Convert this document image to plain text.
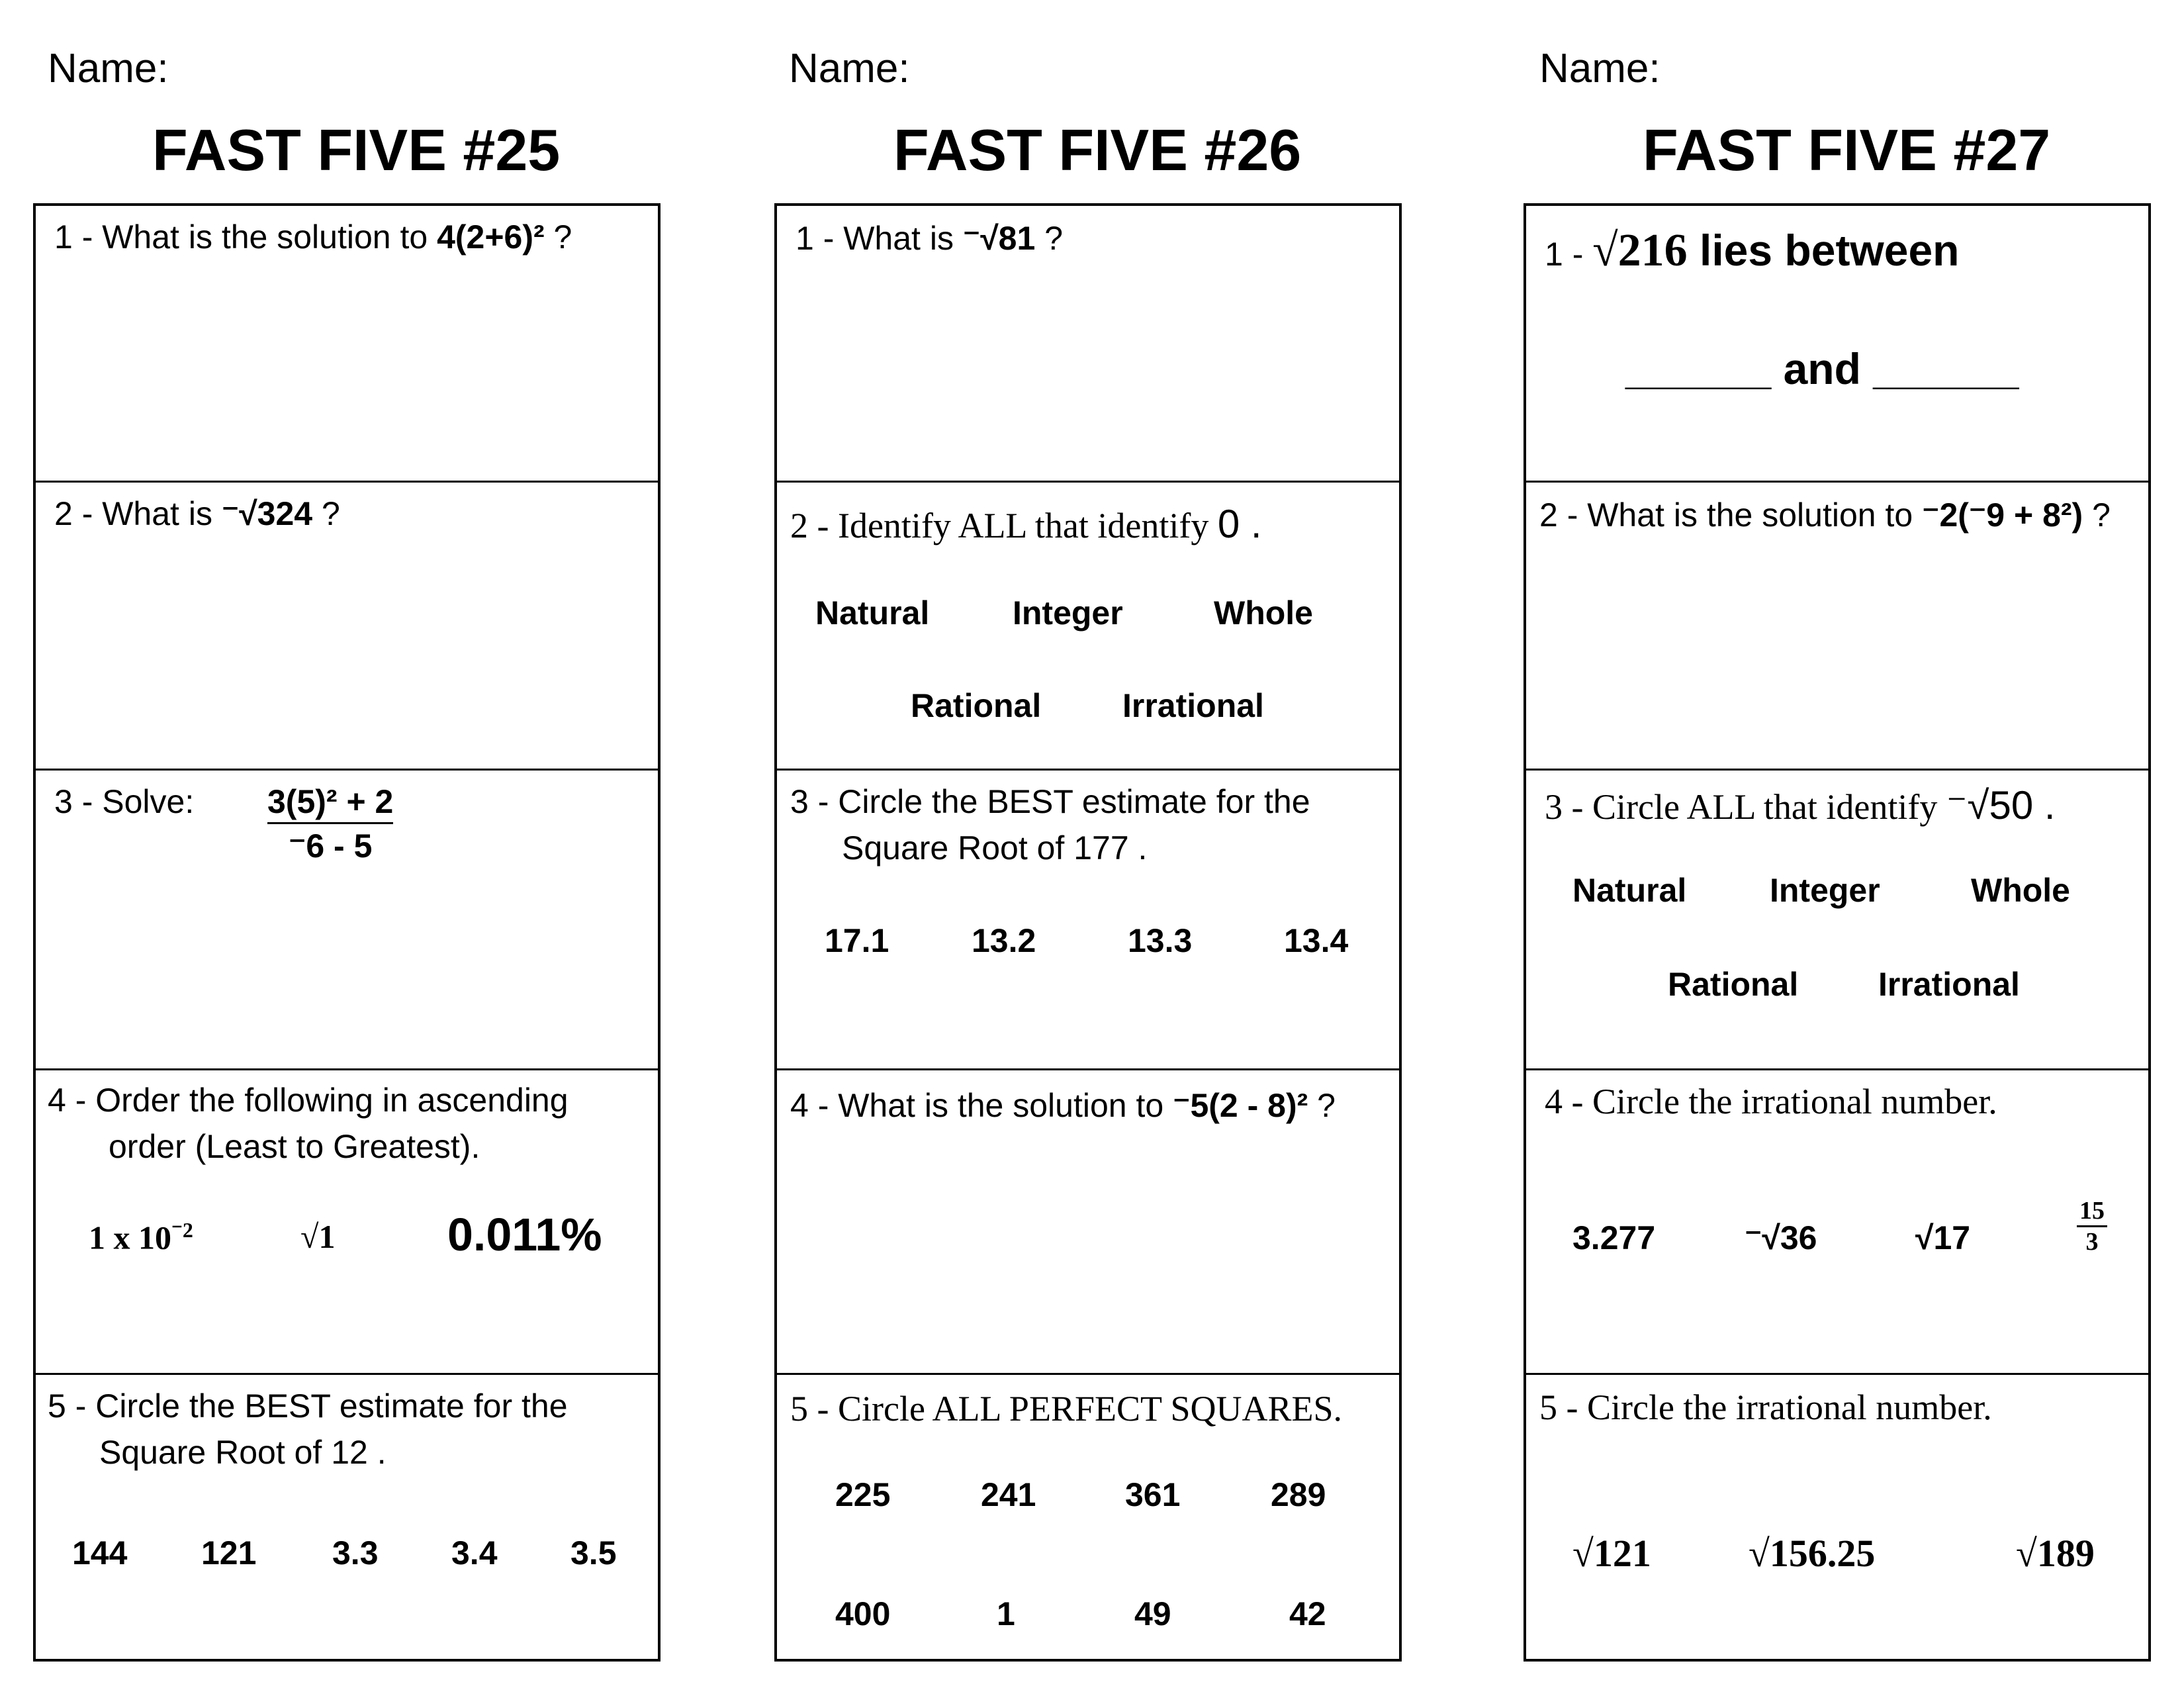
Name:
FAST FIVE #25
1 - What is the solution to 4(2+6)² ?
2 - What is ⁻√324 ?
3 - Solve: $\frac{\text{3(5)² + 2}}{^-6 - 5}$
4 - Order the following in ascending
order (Least to Greatest).
1 x $10^{^-2}$	√1 0.011%
5 - Circle the BEST estimate for the
Square Root of 12 .
144 121 3.3 3.4 3.5
Name:
FAST FIVE #26
1 - What is ⁻√81 ?
2 - Identify ALL that identify 0 .
Natural	Integer	Whole
Rational Irrational
3 - Circle the BEST estimate for the
Square Root of 177 .
17.1 13.2	13.3	13.4
4 - What is the solution to ⁻5(2 - 8)² ?
5 - Circle ALL PERFECT SQUARES.
225	241	361	289
400	1	49	42
Name:
FAST FIVE #27
1 - √216 lies between
______ and ______
2 - What is the solution to ⁻2(⁻9 + 8²) ?
3 - Circle ALL that identify ⁻√50 .
Natural	Integer	Whole
Rational Irrational
4 - Circle the irrational number.
3.277	⁻√36	√17	$\frac{15}{3}$
5 - Circle the irrational number.
√121	√156.25	√189
